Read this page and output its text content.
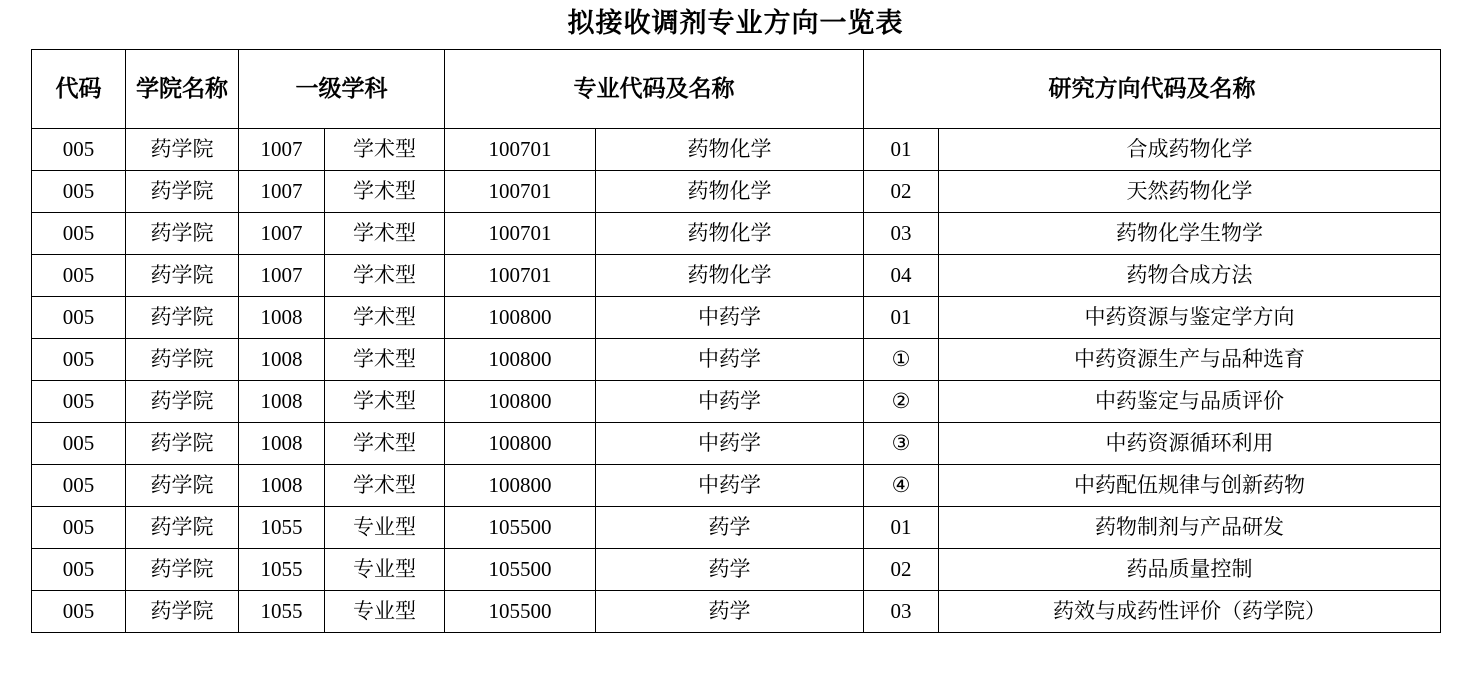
拟接收调剂专业方向一览表
代码	学院名称	一级学科		专业代码及名称		研究方向代码及名称	
005	药学院	1007	学术型	100701	药物化学	01	合成药物化学
005	药学院	1007	学术型	100701	药物化学	02	天然药物化学
005	药学院	1007	学术型	100701	药物化学	03	药物化学生物学
005	药学院	1007	学术型	100701	药物化学	04	药物合成方法
005	药学院	1008	学术型	100800	中药学	01	中药资源与鉴定学方向
005	药学院	1008	学术型	100800	中药学	①	中药资源生产与品种选育
005	药学院	1008	学术型	100800	中药学	②	中药鉴定与品质评价
005	药学院	1008	学术型	100800	中药学	③	中药资源循环利用
005	药学院	1008	学术型	100800	中药学	④	中药配伍规律与创新药物
005	药学院	1055	专业型	105500	药学	01	药物制剂与产品研发
005	药学院	1055	专业型	105500	药学	02	药品质量控制
005	药学院	1055	专业型	105500	药学	03	药效与成药性评价（药学院）
